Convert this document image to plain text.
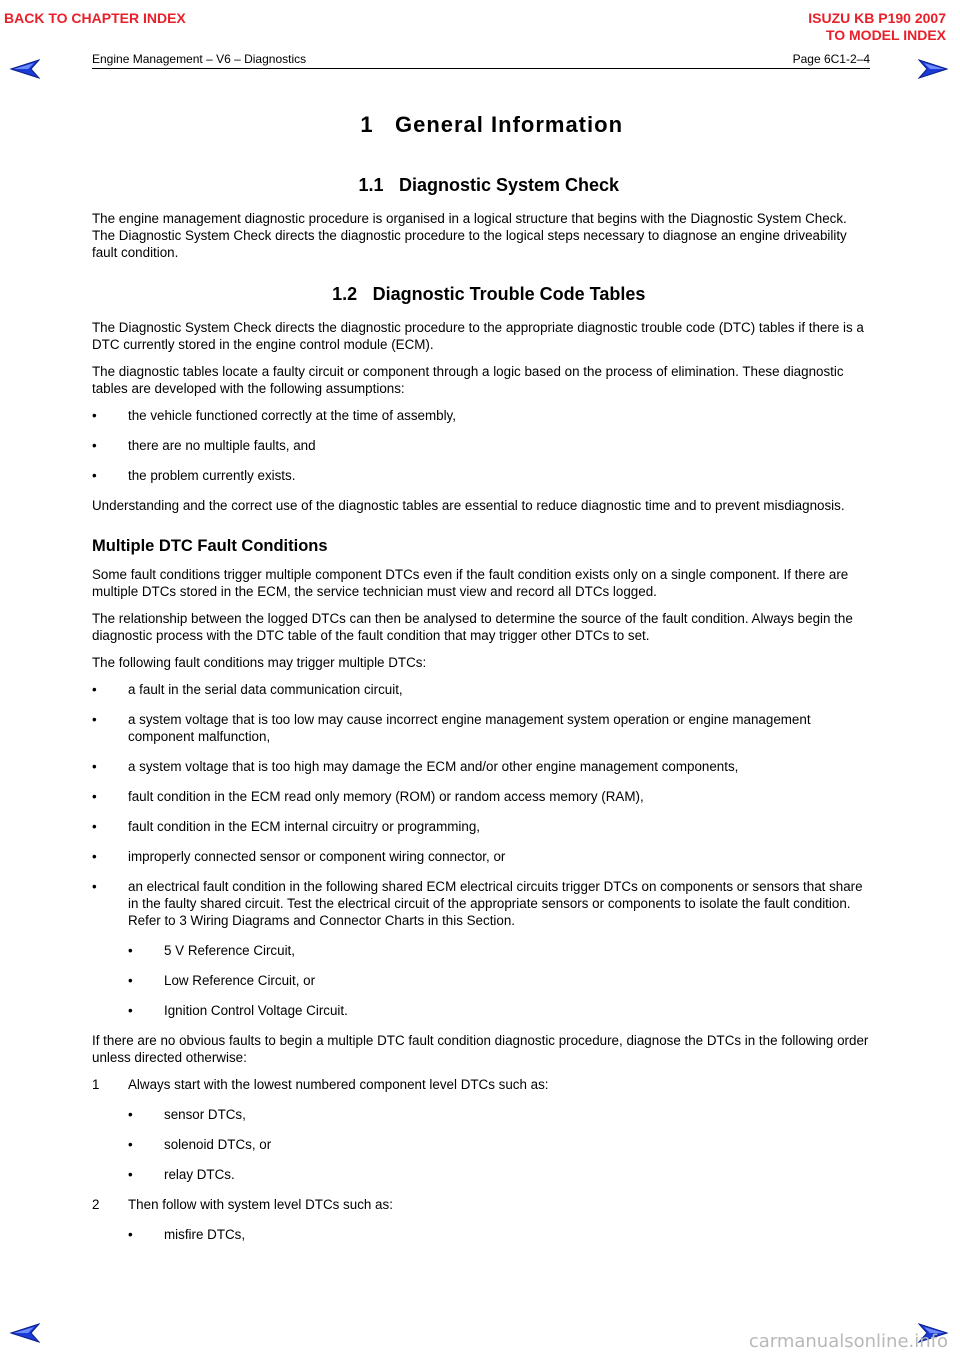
BACK TO CHAPTER INDEX	ISUZU KB P190 2007
TO MODEL INDEX
Engine Management – V6 – Diagnostics	Page 6C1-2–4
1 General Information
1.1 Diagnostic System Check

The engine management diagnostic procedure is organised in a logical structure that begins with the Diagnostic System Check. The Diagnostic System Check directs the diagnostic procedure to the logical steps necessary to diagnose an engine driveability fault condition.

1.2 Diagnostic Trouble Code Tables

The Diagnostic System Check directs the diagnostic procedure to the appropriate diagnostic trouble code (DTC) tables if there is a DTC currently stored in the engine control module (ECM).

The diagnostic tables locate a faulty circuit or component through a logic based on the process of elimination. These diagnostic tables are developed with the following assumptions:

• the vehicle functioned correctly at the time of assembly,
• there are no multiple faults, and
• the problem currently exists.

Understanding and the correct use of the diagnostic tables are essential to reduce diagnostic time and to prevent misdiagnosis.

Multiple DTC Fault Conditions

Some fault conditions trigger multiple component DTCs even if the fault condition exists only on a single component. If there are multiple DTCs stored in the ECM, the service technician must view and record all DTCs logged.

The relationship between the logged DTCs can then be analysed to determine the source of the fault condition. Always begin the diagnostic process with the DTC table of the fault condition that may trigger other DTCs to set.

The following fault conditions may trigger multiple DTCs:

• a fault in the serial data communication circuit,
• a system voltage that is too low may cause incorrect engine management system operation or engine management component malfunction,
• a system voltage that is too high may damage the ECM and/or other engine management components,
• fault condition in the ECM read only memory (ROM) or random access memory (RAM),
• fault condition in the ECM internal circuitry or programming,
• improperly connected sensor or component wiring connector, or
• an electrical fault condition in the following shared ECM electrical circuits trigger DTCs on components or sensors that share in the faulty shared circuit. Test the electrical circuit of the appropriate sensors or components to isolate the fault condition. Refer to 3 Wiring Diagrams and Connector Charts in this Section.
• 5 V Reference Circuit,
• Low Reference Circuit, or
• Ignition Control Voltage Circuit.

If there are no obvious faults to begin a multiple DTC fault condition diagnostic procedure, diagnose the DTCs in the following order unless directed otherwise:

1 Always start with the lowest numbered component level DTCs such as:
• sensor DTCs,
• solenoid DTCs, or
• relay DTCs.
2 Then follow with system level DTCs such as:
• misfire DTCs,
carmanualsonline.info
